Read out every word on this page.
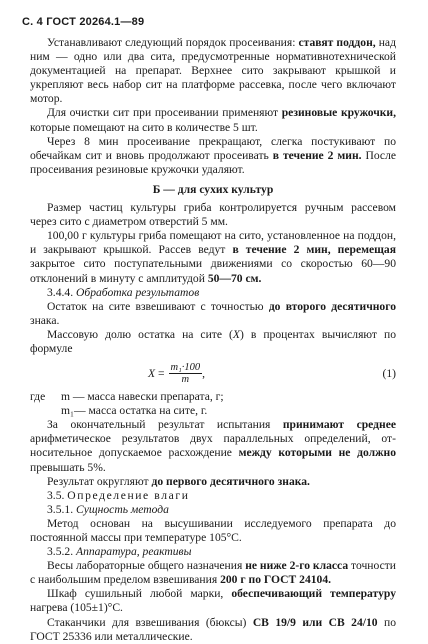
С. 4 ГОСТ 20264.1—89

Устанавливают следующий порядок просеивания: ставят поддон, над ним — одно или два сита, предусмотренные нормативнотехнической документацией на препарат. Верхнее сито закрывают крышкой и укрепляют весь набор сит на платформе рассевка, после чего включают мотор.

Для очистки сит при просеивании применяют резиновые кружочки, которые помещают на сито в количестве 5 шт.

Через 8 мин просеивание прекращают, слегка постукивают по обечайкам сит и вновь продолжают просеивать в течение 2 мин. После просеивания резиновые кружочки удаляют.

Б — для сухих культур

Размер частиц культуры гриба контролируется ручным рассевом через сито с диаметром отверстий 5 мм.

100,00 г культуры гриба помещают на сито, установленное на поддон, и закрывают крышкой. Рассев ведут в течение 2 мин, перемещая закрытое сито поступательными движениями со скоростью 60—90 отклонений в минуту с амплитудой 50—70 см.

3.4.4. Обработка результатов

Остаток на сите взвешивают с точностью до второго десятичного знака.

Массовую долю остатка на сите (X) в процентах вычисляют по формуле

X
= $\frac{\text{m₁·100}}{m}$ ,	(1)
где	m — масса навески препарата, г;
m₁— масса остатка на сите, г.

За окончательный результат испытания принимают среднее арифметическое результатов двух параллельных определений, относительное допускаемое расхождение между которыми не должно превышать 5%.

Результат округляют до первого десятичного знака.

3.5. Определение влаги

3.5.1. Сущность метода

Метод основан на высушивании исследуемого препарата до постоянной массы при температуре 105°С.

3.5.2. Аппаратура, реактивы

Весы лабораторные общего назначения не ниже 2-го класса точности с наибольшим пределом взвешивания 200 г по ГОСТ 24104.

Шкаф сушильный любой марки, обеспечивающий температуру нагрева (105±1)°С.

Стаканчики для взвешивания (бюксы) СВ 19/9 или СВ 24/10 по ГОСТ 25336 или металлические.
